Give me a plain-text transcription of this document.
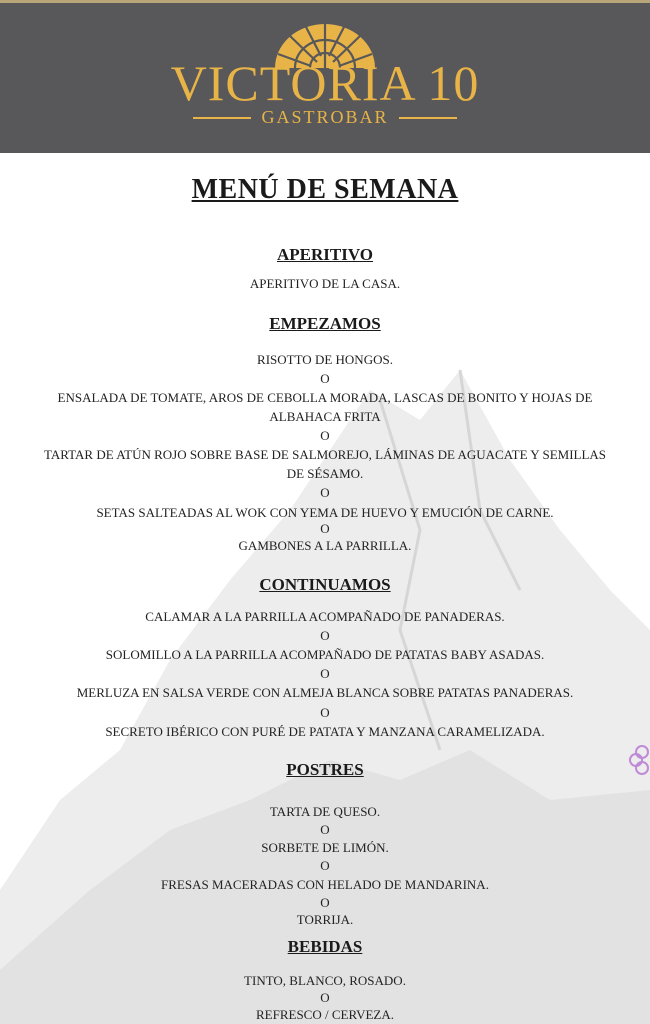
VICTORIA 10
GASTROBAR
MENÚ DE SEMANA
APERITIVO
APERITIVO DE LA CASA.
EMPEZAMOS
RISOTTO DE HONGOS.
O
ENSALADA DE TOMATE, AROS DE CEBOLLA MORADA, LASCAS DE BONITO Y HOJAS DE
ALBAHACA FRITA
O
TARTAR DE ATÚN ROJO SOBRE BASE DE SALMOREJO, LÁMINAS DE AGUACATE Y SEMILLAS
DE SÉSAMO.
O
SETAS SALTEADAS AL WOK CON YEMA DE HUEVO Y EMUCIÓN DE CARNE.
O
GAMBONES A LA PARRILLA.
CONTINUAMOS
CALAMAR A LA PARRILLA ACOMPAÑADO DE PANADERAS.
O
SOLOMILLO A LA PARRILLA ACOMPAÑADO DE PATATAS BABY ASADAS.
O
MERLUZA EN SALSA VERDE CON ALMEJA BLANCA SOBRE PATATAS PANADERAS.
O
SECRETO IBÉRICO CON PURÉ DE PATATA Y MANZANA CARAMELIZADA.
POSTRES
TARTA DE QUESO.
O
SORBETE DE LIMÓN.
O
FRESAS MACERADAS CON HELADO DE MANDARINA.
O
TORRIJA.
BEBIDAS
TINTO, BLANCO, ROSADO.
O
REFRESCO / CERVEZA.
